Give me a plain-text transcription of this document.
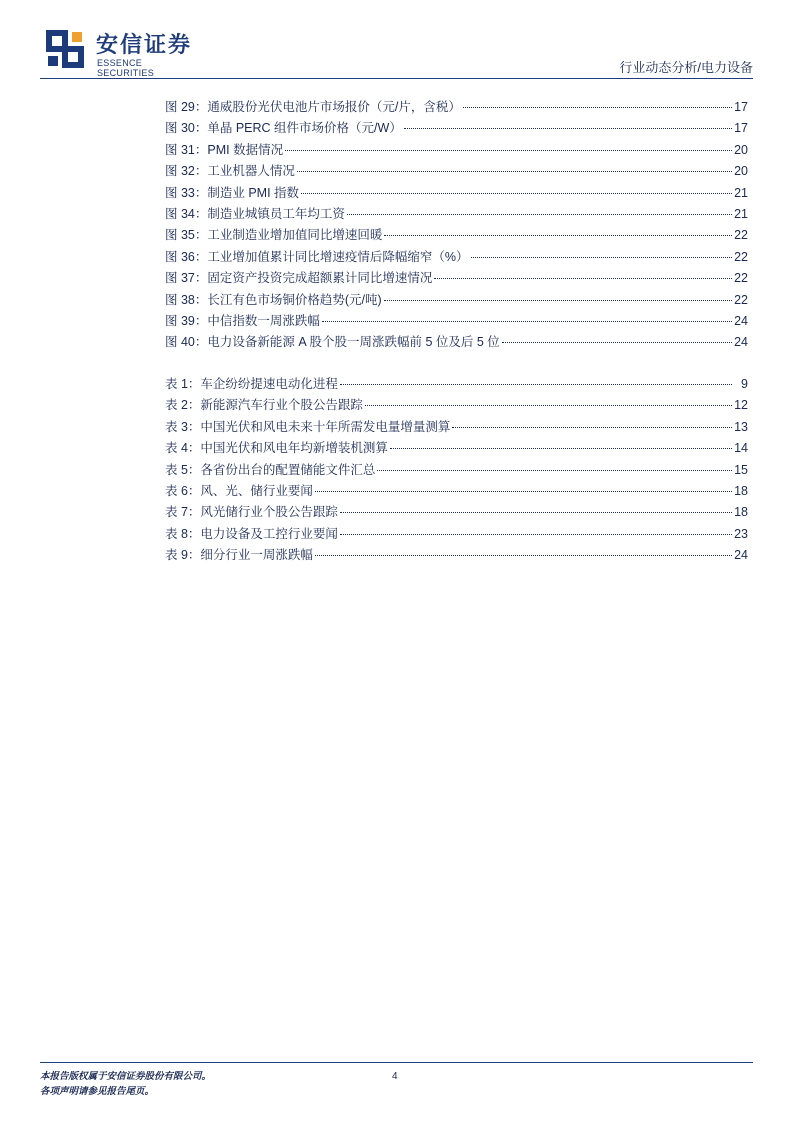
安信证券
ESSENCE SECURITIES	行业动态分析/电力设备
图 29：通威股份光伏电池片市场报价（元/片，含税）	17
图 30：单晶 PERC 组件市场价格（元/W）	17
图 31：PMI 数据情况	20
图 32：工业机器人情况	20
图 33：制造业 PMI 指数	21
图 34：制造业城镇员工年均工资	21
图 35：工业制造业增加值同比增速回暖	22
图 36：工业增加值累计同比增速疫情后降幅缩窄（%）	22
图 37：固定资产投资完成超额累计同比增速情况	22
图 38：长江有色市场铜价格趋势(元/吨)	22
图 39：中信指数一周涨跌幅	24
图 40：电力设备新能源 A 股个股一周涨跌幅前 5 位及后 5 位	24
表 1：车企纷纷提速电动化进程	9
表 2：新能源汽车行业个股公告跟踪	12
表 3：中国光伏和风电未来十年所需发电量增量测算	13
表 4：中国光伏和风电年均新增装机测算	14
表 5：各省份出台的配置储能文件汇总	15
表 6：风、光、储行业要闻	18
表 7：风光储行业个股公告跟踪	18
表 8：电力设备及工控行业要闻	23
表 9：细分行业一周涨跌幅	24
本报告版权属于安信证券股份有限公司。
各项声明请参见报告尾页。
4
